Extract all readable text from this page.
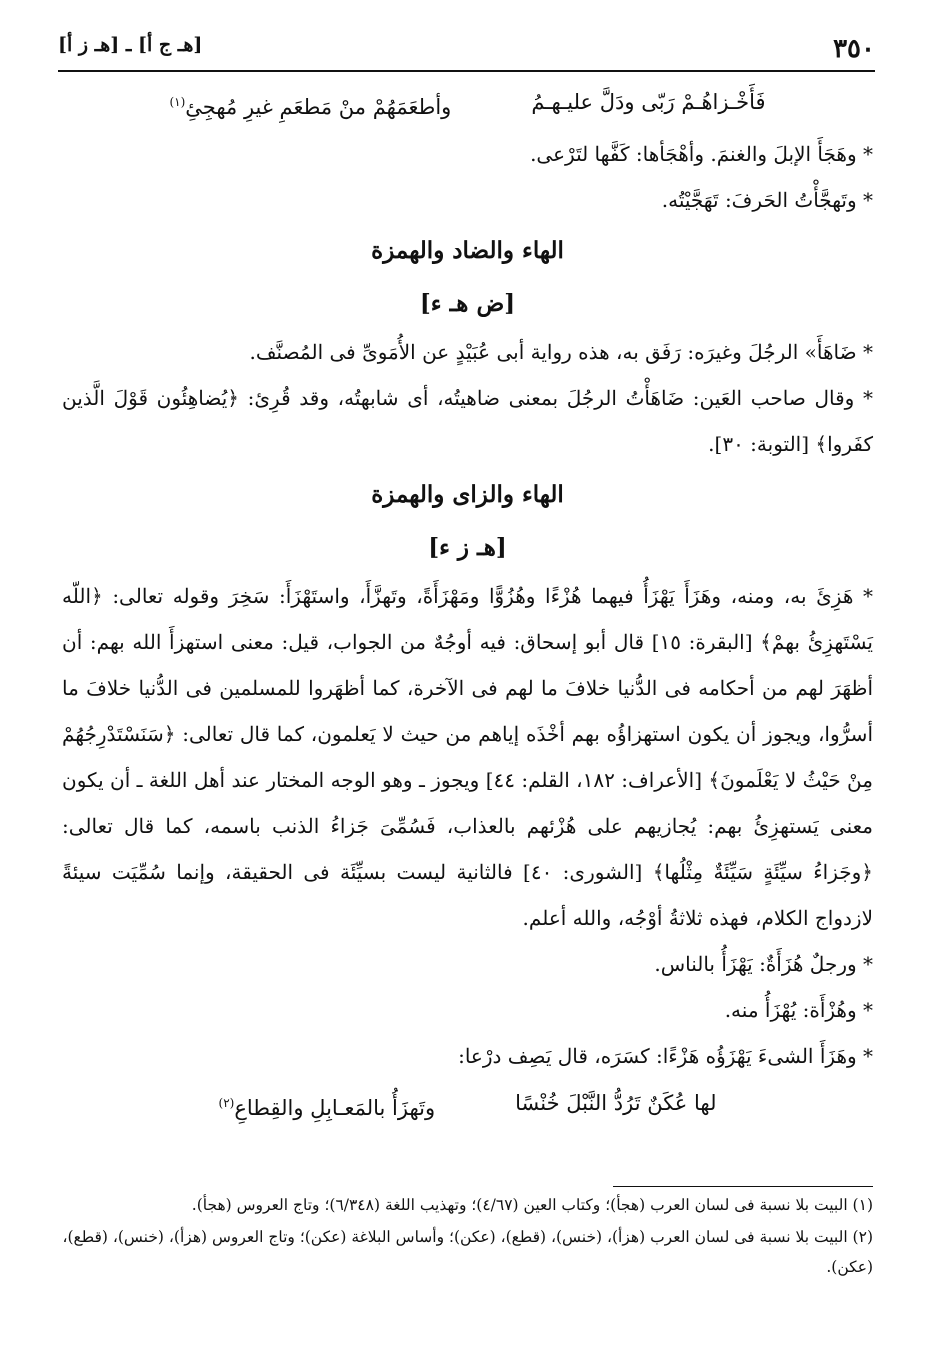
٣٥٠
[هـ ج أ] ـ [هـ ز أ]
فَأَخْـزاهُـمْ رَبّى ودَلَّ عليـهـمُ
وأطعَمَهُمْ منْ مَطعَمِ غيرِ مُهجِئِ$^{(١)}$
* وهَجَأَ الإبلَ والغنمَ. وأهْجَأها: كَفَّها لتَرْعى.
* وتَهجَّأْتُ الحَرفَ: تَهَجَّيْتُه.
الهاء والضاد والهمزة
[ض هـ ء]
* ضَاهَأَ» الرجُلَ وغيرَه: رَفَق به، هذه رواية أبى عُبَيْدٍ عن الأُمَوىِّ فى المُصنَّف.
* وقال صاحب العَين: ضَاهَأْتُ الرجُلَ بمعنى ضاهيتُه، أى شابهتُه، وقد قُرِئ: ﴿يُضاهِئُون قَوْلَ الَّذين كفَروا﴾ [التوبة: ٣٠].
الهاء والزاى والهمزة
[هـ ز ء]
* هَزِئَ به، ومنه، وهَزَأَ يَهْزَأُ فيهما هُزْءًا وهُزُوًّا ومَهْزَأَةً، وتَهزَّأَ، واستَهْزَأَ: سَخِرَ وقوله تعالى: ﴿اللّه يَسْتَهزِئُ بهمْ﴾ [البقرة: ١٥] قال أبو إسحاق: فيه أوجُهٌ من الجواب، قيل: معنى استهزأَ الله بهم: أن أظهَرَ لهم من أحكامه فى الدُّنيا خلافَ ما لهم فى الآخرة، كما أظهَروا للمسلمين فى الدُّنيا خلافَ ما أسرُّوا، ويجوز أن يكون استهزاؤُه بهم أخْذَه إياهم من حيث لا يَعلمون، كما قال تعالى: ﴿سَنَسْتَدْرِجُهُمْ مِنْ حَيْثُ لا يَعْلَمونَ﴾ [الأعراف: ١٨٢، القلم: ٤٤] ويجوز ـ وهو الوجه المختار عند أهل اللغة ـ أن يكون معنى يَستهزِئُ بهم: يُجازيهم على هُزْئهم بالعذاب، فَسُمِّىَ جَزاءُ الذنب باسمه، كما قال تعالى: ﴿وجَزاءُ سيِّئَةٍ سَيِّئَةٌ مِثْلُها﴾ [الشورى: ٤٠] فالثانية ليست بسيِّئَة فى الحقيقة، وإنما سُمِّيَت سيئةً لازدواج الكلام، فهذه ثلاثةُ أوْجُه، والله أعلم.
* ورجلٌ هُزَأَةٌ: يَهْزَأُ بالناس.
* وهُزْأَة: يُهْزَأُ منه.
* وهَزَأَ الشىءَ يَهْزَؤُه هَزْءًا: كسَرَه، قال يَصِف درْعا:
لها عُكَنٌ تَرُدُّ النَّبْلَ خُنْسًا
وتَهزَأُ بالمَعـابِلِ والقِطاعِ$^{(٢)}$
(١) البيت بلا نسبة فى لسان العرب (هجأ)؛ وكتاب العين (٤/٦٧)؛ وتهذيب اللغة (٦/٣٤٨)؛ وتاج العروس (هجأ).
(٢) البيت بلا نسبة فى لسان العرب (هزأ)، (خنس)، (قطع)، (عكن)؛ وأساس البلاغة (عكن)؛ وتاج العروس (هزأ)، (خنس)، (قطع)، (عكن).
